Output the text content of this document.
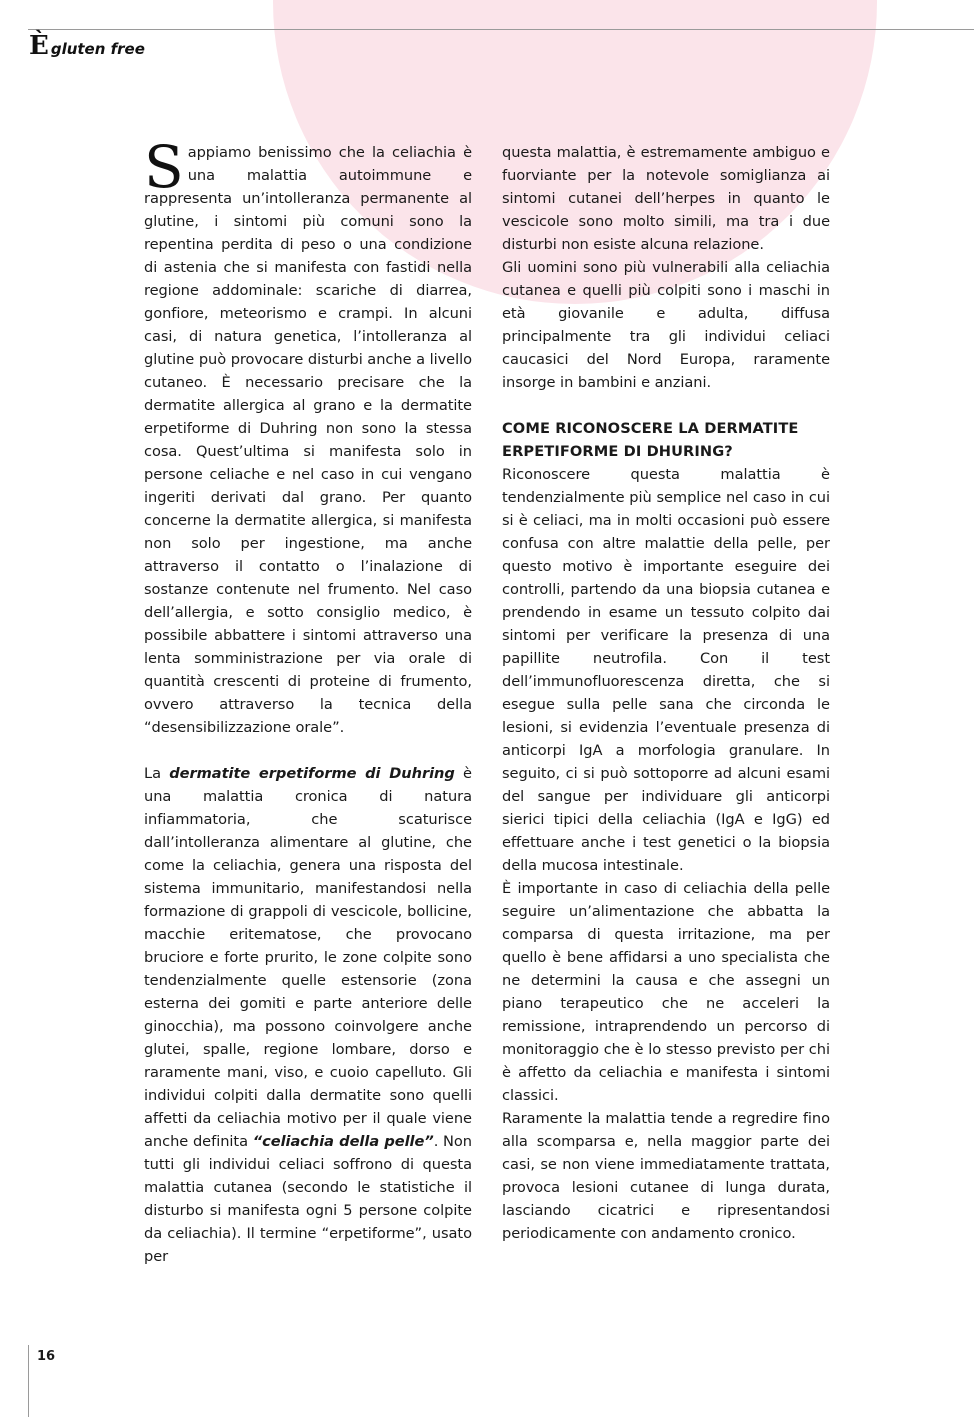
Ègluten free

Sappiamo benissimo che la celiachia è una malattia autoimmune e rappresenta un’intolleranza permanente al glutine, i sintomi più comuni sono la repentina perdita di peso o una condizione di astenia che si manifesta con fastidi nella regione addominale: scariche di diarrea, gonfiore, meteorismo e crampi. In alcuni casi, di natura genetica, l’intolleranza al glutine può provocare disturbi anche a livello cutaneo. È necessario precisare che la dermatite allergica al grano e la dermatite erpetiforme di Duhring non sono la stessa cosa. Quest’ultima si manifesta solo in persone celiache e nel caso in cui vengano ingeriti derivati dal grano. Per quanto concerne la dermatite allergica, si manifesta non solo per ingestione, ma anche attraverso il contatto o l’inalazione di sostanze contenute nel frumento. Nel caso dell’allergia, e sotto consiglio medico, è possibile abbattere i sintomi attraverso una lenta somministrazione per via orale di quantità crescenti di proteine di frumento, ovvero attraverso la tecnica della “desensibilizzazione orale”.

La dermatite erpetiforme di Duhring è una malattia cronica di natura infiammatoria, che scaturisce dall’intolleranza alimentare al glutine, che come la celiachia, genera una risposta del sistema immunitario, manifestandosi nella formazione di grappoli di vescicole, bollicine, macchie eritematose, che provocano bruciore e forte prurito, le zone colpite sono tendenzialmente quelle estensorie (zona esterna dei gomiti e parte anteriore delle ginocchia), ma possono coinvolgere anche glutei, spalle, regione lombare, dorso e raramente mani, viso, e cuoio capelluto. Gli individui colpiti dalla dermatite sono quelli affetti da celiachia motivo per il quale viene anche definita “celiachia della pelle”. Non tutti gli individui celiaci soffrono di questa malattia cutanea (secondo le statistiche il disturbo si manifesta ogni 5 persone colpite da celiachia). Il termine “erpetiforme”, usato per

questa malattia, è estremamente ambiguo e fuorviante per la notevole somiglianza ai sintomi cutanei dell’herpes in quanto le vescicole sono molto simili, ma tra i due disturbi non esiste alcuna relazione.

Gli uomini sono più vulnerabili alla celiachia cutanea e quelli più colpiti sono i maschi in età giovanile e adulta, diffusa principalmente tra gli individui celiaci caucasici del Nord Europa, raramente insorge in bambini e anziani.

COME RICONOSCERE LA DERMATITE ERPETIFORME DI DHURING?

Riconoscere questa malattia è tendenzialmente più semplice nel caso in cui si è celiaci, ma in molti occasioni può essere confusa con altre malattie della pelle, per questo motivo è importante eseguire dei controlli, partendo da una biopsia cutanea e prendendo in esame un tessuto colpito dai sintomi per verificare la presenza di una papillite neutrofila. Con il test dell’immunofluorescenza diretta, che si esegue sulla pelle sana che circonda le lesioni, si evidenzia l’eventuale presenza di anticorpi IgA a morfologia granulare. In seguito, ci si può sottoporre ad alcuni esami del sangue per individuare gli anticorpi sierici tipici della celiachia (IgA e IgG) ed effettuare anche i test genetici o la biopsia della mucosa intestinale.

È importante in caso di celiachia della pelle seguire un’alimentazione che abbatta la comparsa di questa irritazione, ma per quello è bene affidarsi a uno specialista che ne determini la causa e che assegni un piano terapeutico che ne acceleri la remissione, intraprendendo un percorso di monitoraggio che è lo stesso previsto per chi è affetto da celiachia e manifesta i sintomi classici.

Raramente la malattia tende a regredire fino alla scomparsa e, nella maggior parte dei casi, se non viene immediatamente trattata, provoca lesioni cutanee di lunga durata, lasciando cicatrici e ripresentandosi periodicamente con andamento cronico.

16
